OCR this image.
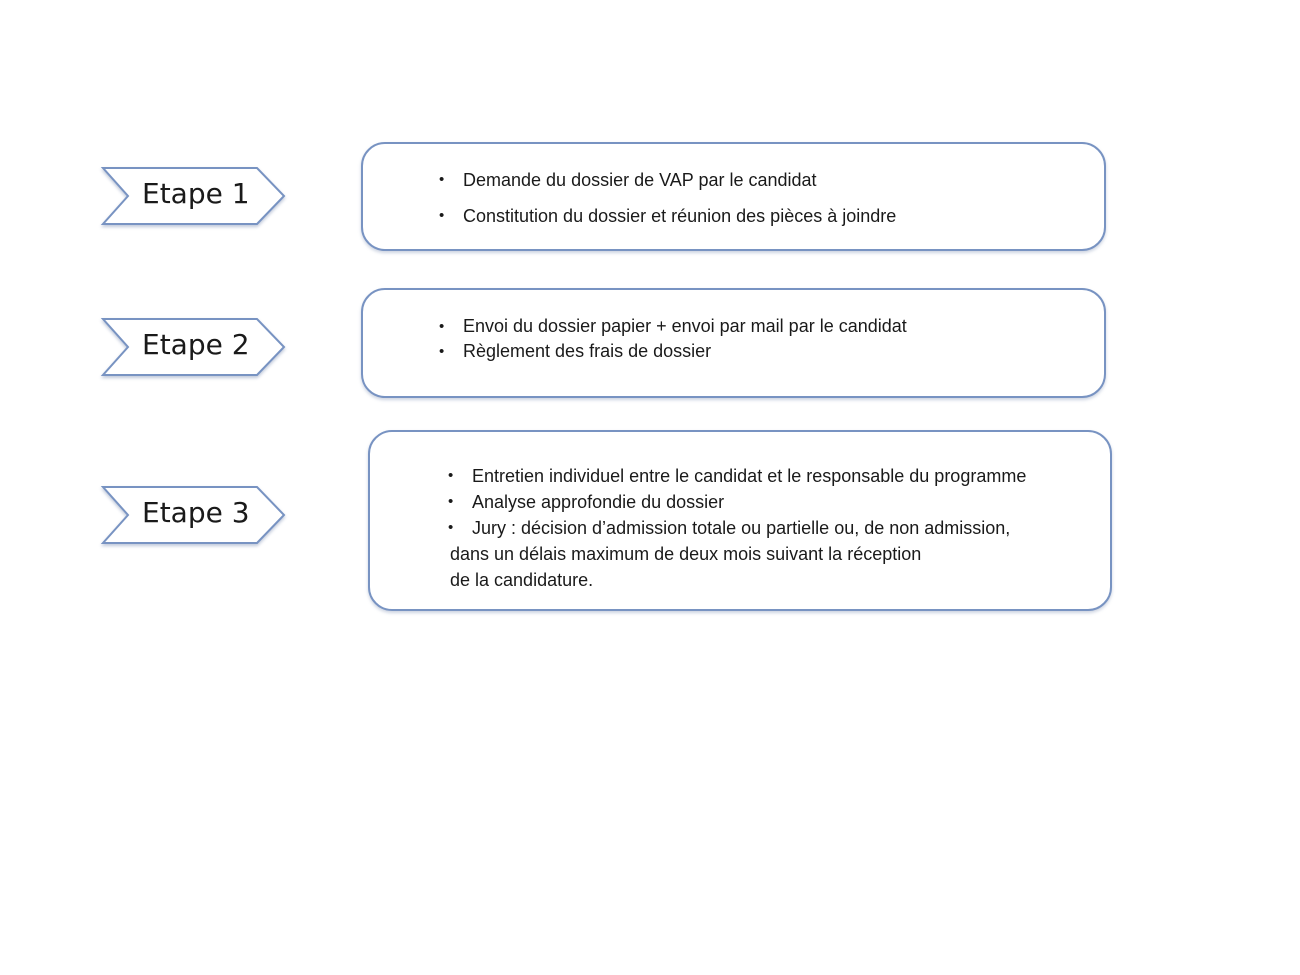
Etape 1
•	Demande du dossier de VAP par le candidat
• Constitution du dossier et réunion des pièces à joindre
Etape 2
• Envoi du dossier papier + envoi par mail par le candidat
• Règlement des frais de dossier
Etape 3
• Entretien individuel entre le candidat et le responsable du programme
• Analyse approfondie du dossier
• Jury : décision d’admission totale ou partielle ou, de non admission,
dans un délais maximum de deux mois suivant la réception
de la candidature.
